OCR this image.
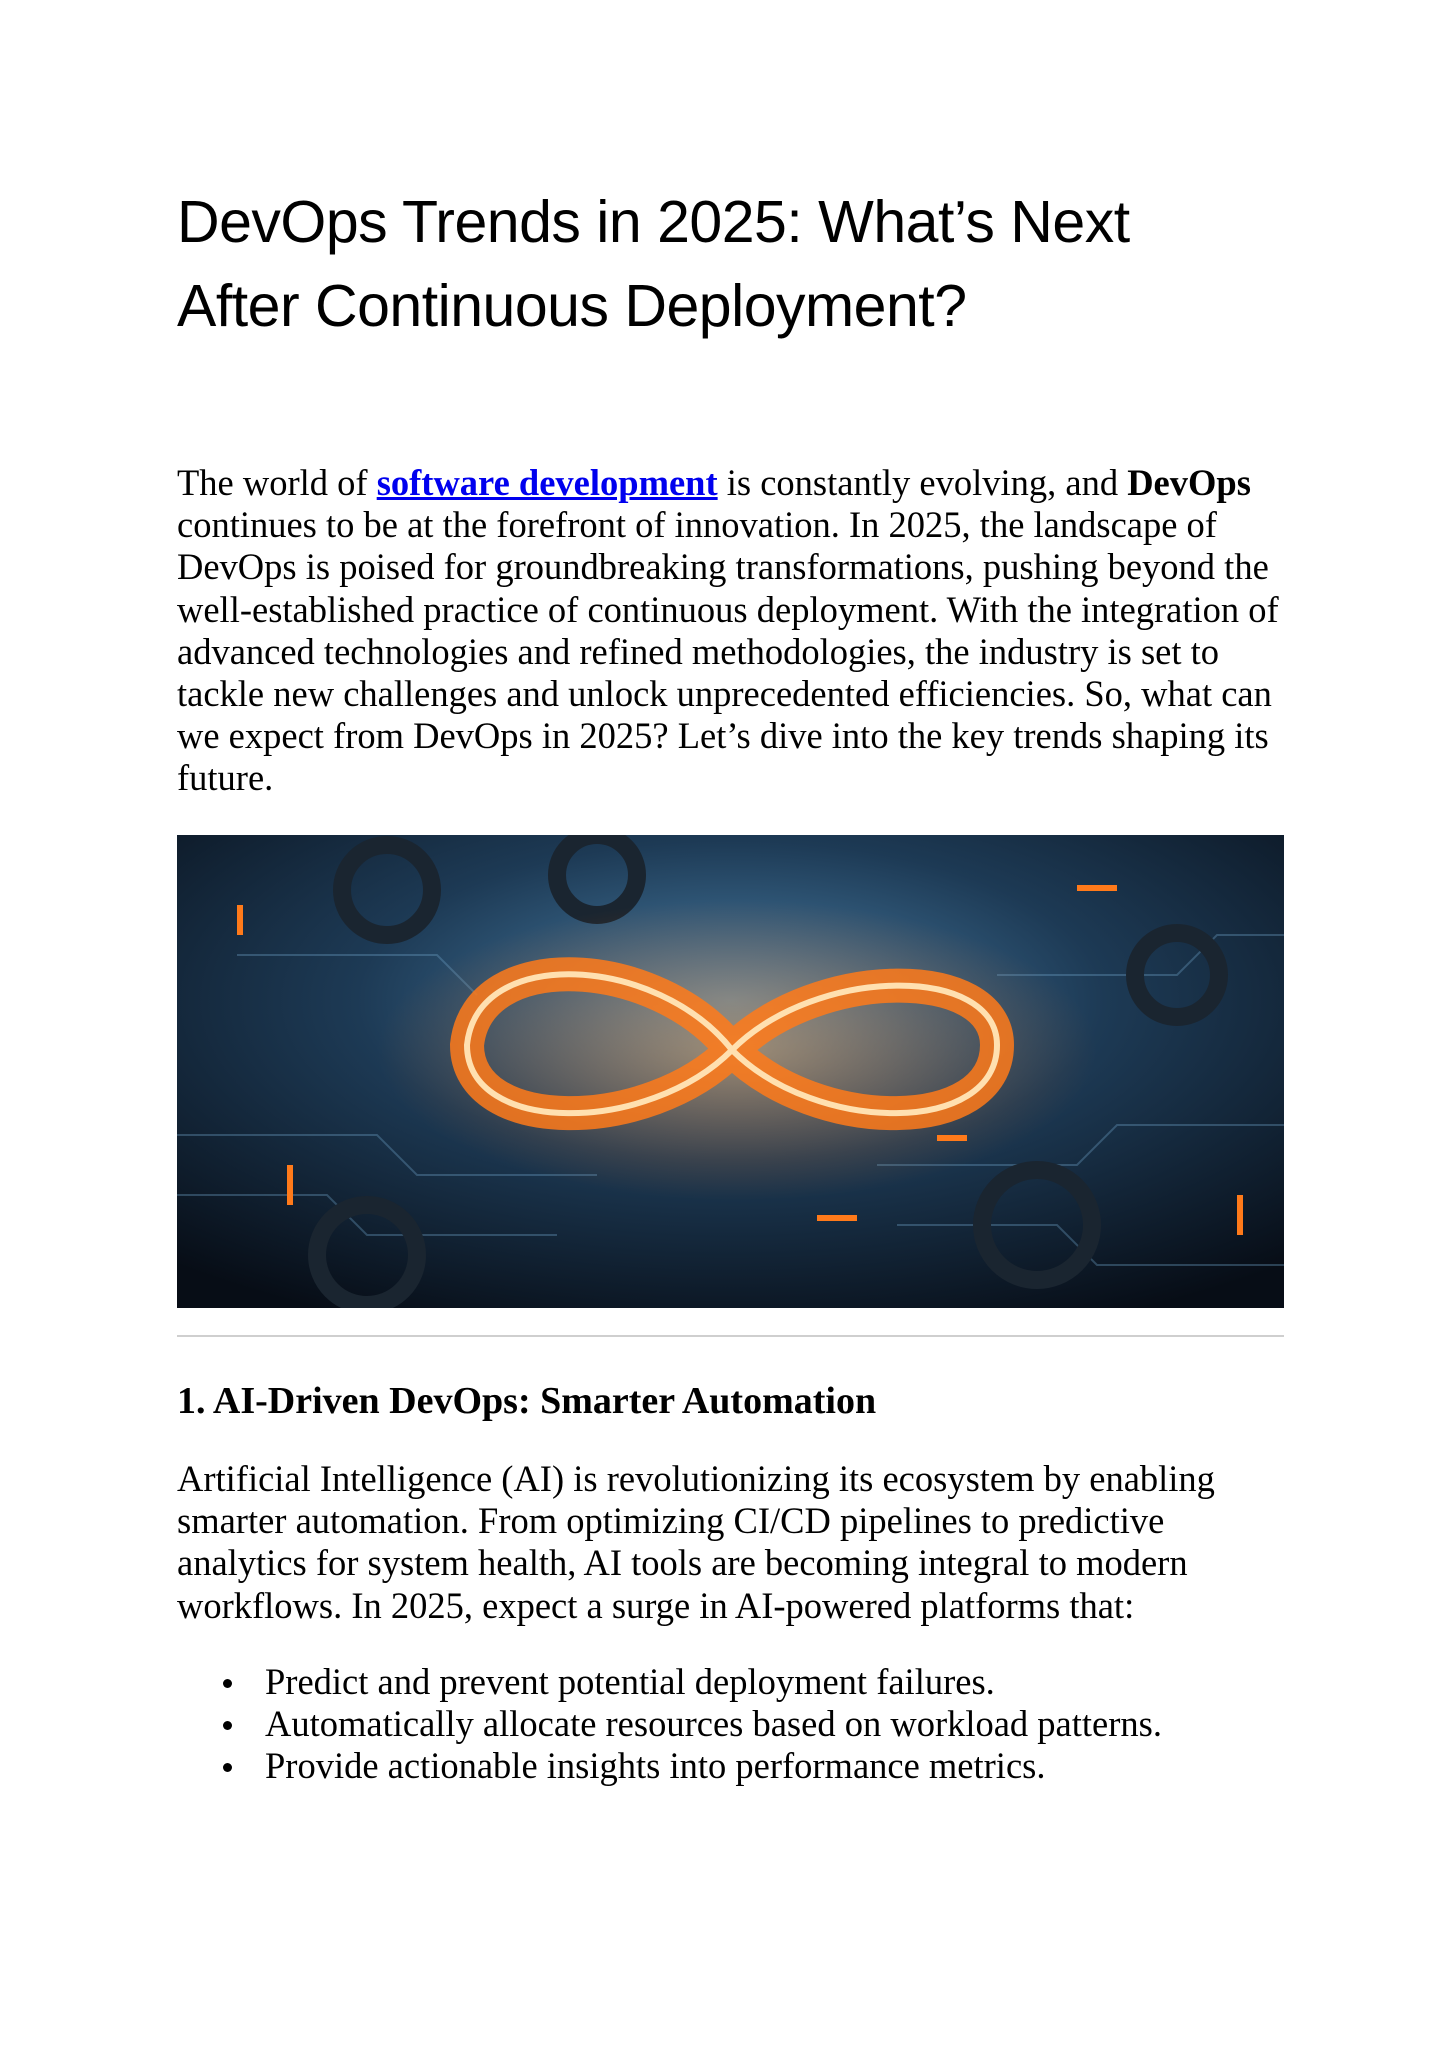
DevOps Trends in 2025: What’s Next
After Continuous Deployment?

The world of software development is constantly evolving, and DevOps continues to be at the forefront of innovation. In 2025, the landscape of DevOps is poised for groundbreaking transformations, pushing beyond the well-established practice of continuous deployment. With the integration of advanced technologies and refined methodologies, the industry is set to tackle new challenges and unlock unprecedented efficiencies. So, what can we expect from DevOps in 2025? Let’s dive into the key trends shaping its future.

1. AI-Driven DevOps: Smarter Automation

Artificial Intelligence (AI) is revolutionizing its ecosystem by enabling smarter automation. From optimizing CI/CD pipelines to predictive analytics for system health, AI tools are becoming integral to modern workflows. In 2025, expect a surge in AI-powered platforms that:

Predict and prevent potential deployment failures.
Automatically allocate resources based on workload patterns.
Provide actionable insights into performance metrics.
